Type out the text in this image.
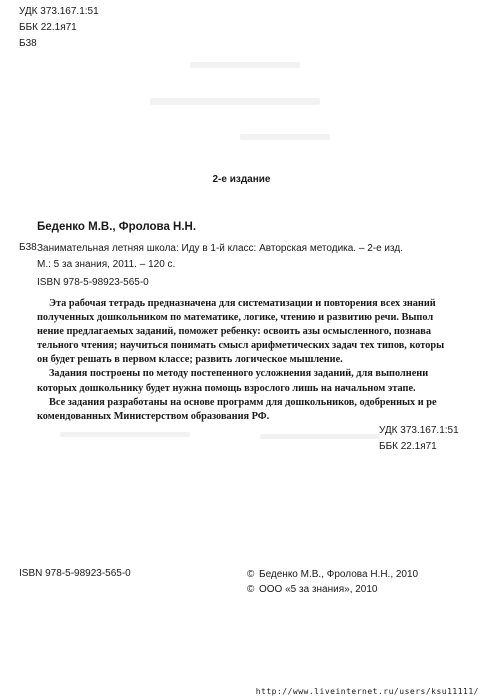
УДК 373.167.1:51
ББК 22.1я71
Б38
2-е издание
Беденко М.В., Фролова Н.Н.
Б38 Занимательная летняя школа: Иду в 1-й класс: Авторская методика. – 2-е изд.
М.: 5 за знания, 2011. – 120 с.
ISBN 978-5-98923-565-0

Эта рабочая тетрадь предназначена для систематизации и повторения всех знаний

полученных дошкольником по математике, логике, чтению и развитию речи. Выпол

нение предлагаемых заданий, поможет ребенку: освоить азы осмысленного, познава

тельного чтения; научиться понимать смысл арифметических задач тех типов, которы

он будет решать в первом классе; развить логическое мышление.

Задания построены по методу постепенного усложнения заданий, для выполнени

которых дошкольнику будет нужна помощь взрослого лишь на начальном этапе.

Все задания разработаны на основе программ для дошкольников, одобренных и ре

комендованных Министерством образования РФ.

УДК 373.167.1:51
ББК 22.1я71
ISBN 978-5-98923-565-0	© Беденко М.В., Фролова Н.Н., 2010
© ООО «5 за знания», 2010
http://www.liveinternet.ru/users/ksu11111/
